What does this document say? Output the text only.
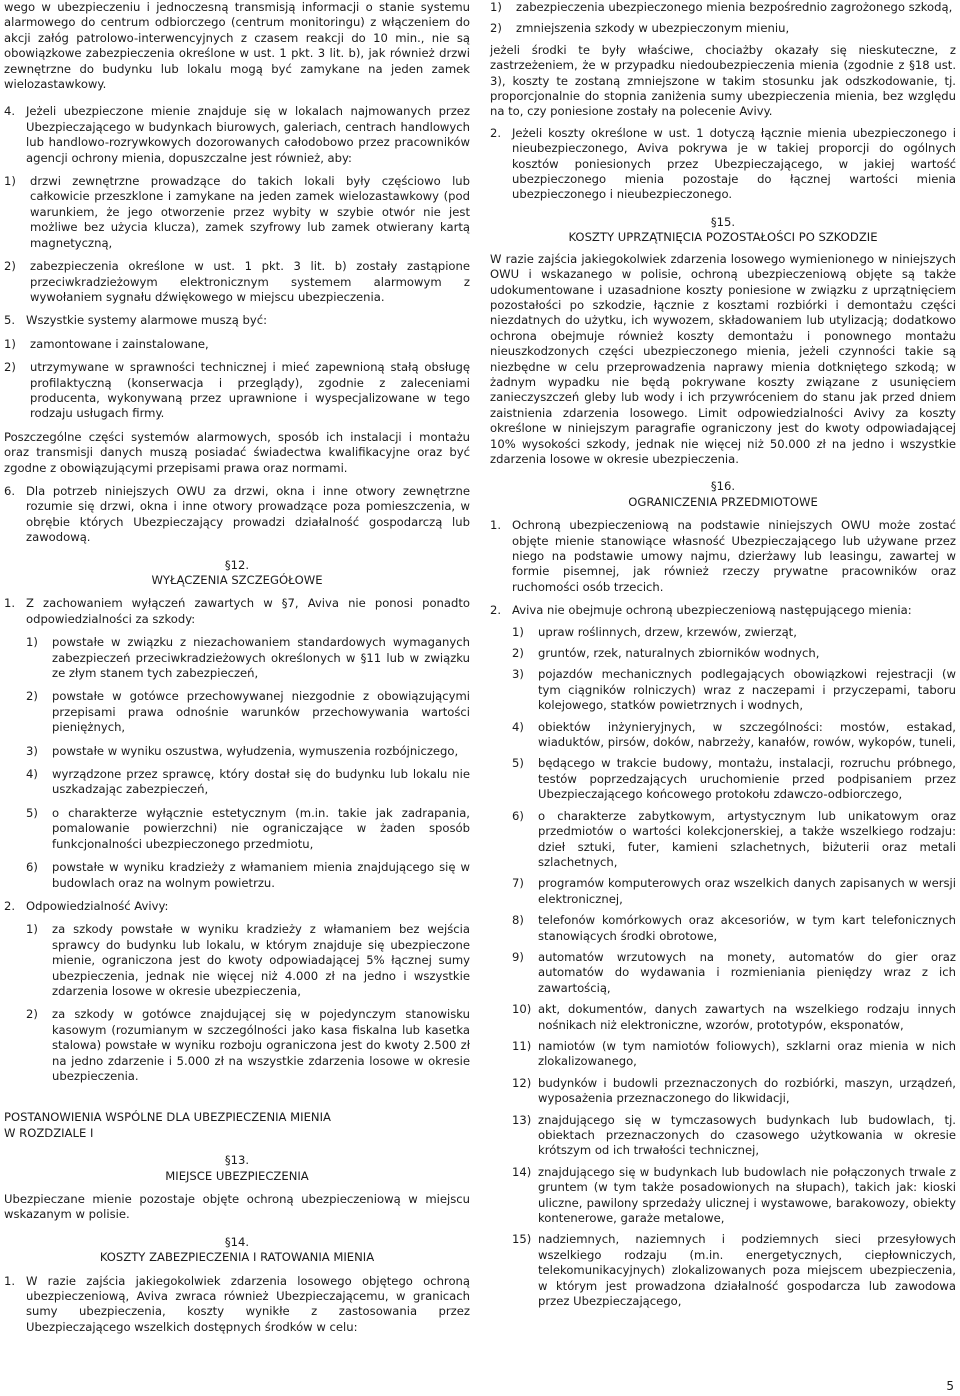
wego w ubezpieczeniu i jednoczesną transmisją informacji o stanie systemu alarmowego do centrum odbiorczego (centrum monitoringu) z włączeniem do akcji załóg patrolowo-interwencyjnych z czasem reakcji do 10 min., nie są obowiązkowe zabezpieczenia określone w ust. 1 pkt. 3 lit. b), jak również drzwi zewnętrzne do budynku lub lokalu mogą być zamykane na jeden zamek wielozastawkowy.

4. Jeżeli ubezpieczone mienie znajduje się w lokalach najmowanych przez Ubezpieczającego w budynkach biurowych, galeriach, centrach handlowych lub handlowo-rozrywkowych dozorowanych całodobowo przez pracowników agencji ochrony mienia, dopuszczalne jest również, aby:
1)	drzwi zewnętrzne prowadzące do takich lokali były częściowo lub całkowicie przeszklone i zamykane na jeden zamek wielozastawkowy (pod warunkiem, że jego otworzenie przez wybity w szybie otwór nie jest możliwe bez użycia klucza), zamek szyfrowy lub zamek otwierany kartą magnetyczną,
2)	zabezpieczenia określone w ust. 1 pkt. 3 lit. b) zostały zastąpione przeciwkradzieżowym elektronicznym systemem alarmowym z wywołaniem sygnału dźwiękowego w miejscu ubezpieczenia.
5. Wszystkie systemy alarmowe muszą być:
1)	zamontowane i zainstalowane,
2)	utrzymywane w sprawności technicznej i mieć zapewnioną stałą obsługę profilaktyczną (konserwacja i przeglądy), zgodnie z zaleceniami producenta, wykonywaną przez uprawnione i wyspecjalizowane w tego rodzaju usługach firmy.

Poszczególne części systemów alarmowych, sposób ich instalacji i montażu oraz transmisji danych muszą posiadać świadectwa kwalifikacyjne oraz być zgodne z obowiązującymi przepisami prawa oraz normami.

6. Dla potrzeb niniejszych OWU za drzwi, okna i inne otwory zewnętrzne rozumie się drzwi, okna i inne otwory prowadzące poza pomieszczenia, w obrębie których Ubezpieczający prowadzi działalność gospodarczą lub zawodową.

§12.

WYŁĄCZENIA SZCZEGÓŁOWE

1. Z zachowaniem wyłączeń zawartych w §7, Aviva nie ponosi ponadto odpowiedzialności za szkody:
1)	powstałe w związku z niezachowaniem standardowych wymaganych zabezpieczeń przeciwkradzieżowych określonych w §11 lub w związku ze złym stanem tych zabezpieczeń,
2)	powstałe w gotówce przechowywanej niezgodnie z obowiązującymi przepisami prawa odnośnie warunków przechowywania wartości pieniężnych,
3)	powstałe w wyniku oszustwa, wyłudzenia, wymuszenia rozbójniczego,
4)	wyrządzone przez sprawcę, który dostał się do budynku lub lokalu nie uszkadzając zabezpieczeń,
5)	o charakterze wyłącznie estetycznym (m.in. takie jak zadrapania, pomalowanie powierzchni) nie ograniczające w żaden sposób funkcjonalności ubezpieczonego przedmiotu,
6)	powstałe w wyniku kradzieży z włamaniem mienia znajdującego się w budowlach oraz na wolnym powietrzu.
2. Odpowiedzialność Avivy:
1)	za szkody powstałe w wyniku kradzieży z włamaniem bez wejścia sprawcy do budynku lub lokalu, w którym znajduje się ubezpieczone mienie, ograniczona jest do kwoty odpowiadającej 5% łącznej sumy ubezpieczenia, jednak nie więcej niż 4.000 zł na jedno i wszystkie zdarzenia losowe w okresie ubezpieczenia,
2)	za szkody w gotówce znajdującej się w pojedynczym stanowisku kasowym (rozumianym w szczególności jako kasa fiskalna lub kasetka stalowa) powstałe w wyniku rozboju ograniczona jest do kwoty 2.500 zł na jedno zdarzenie i 5.000 zł na wszystkie zdarzenia losowe w okresie ubezpieczenia.

POSTANOWIENIA WSPÓLNE DLA UBEZPIECZENIA MIENIA

W ROZDZIALE I

§13.

MIEJSCE UBEZPIECZENIA

Ubezpieczane mienie pozostaje objęte ochroną ubezpieczeniową w miejscu wskazanym w polisie.

§14.

KOSZTY ZABEZPIECZENIA I RATOWANIA MIENIA

1. W razie zajścia jakiegokolwiek zdarzenia losowego objętego ochroną ubezpieczeniową, Aviva zwraca również Ubezpieczającemu, w granicach sumy ubezpieczenia, koszty wynikłe z zastosowania przez Ubezpieczającego wszelkich dostępnych środków w celu:
1)	zabezpieczenia ubezpieczonego mienia bezpośrednio zagrożonego szkodą,
2)	zmniejszenia szkody w ubezpieczonym mieniu,

jeżeli środki te były właściwe, chociażby okazały się nieskuteczne, z zastrzeżeniem, że w przypadku niedoubezpieczenia mienia (zgodnie z §18 ust. 3), koszty te zostaną zmniejszone w takim stosunku jak odszkodowanie, tj. proporcjonalnie do stopnia zaniżenia sumy ubezpieczenia mienia, bez względu na to, czy poniesione zostały na polecenie Avivy.

2. Jeżeli koszty określone w ust. 1 dotyczą łącznie mienia ubezpieczonego i nieubezpieczonego, Aviva pokrywa je w takiej proporcji do ogólnych kosztów poniesionych przez Ubezpieczającego, w jakiej wartość ubezpieczonego mienia pozostaje do łącznej wartości mienia ubezpieczonego i nieubezpieczonego.

§15.

KOSZTY UPRZĄTNIĘCIA POZOSTAŁOŚCI PO SZKODZIE

W razie zajścia jakiegokolwiek zdarzenia losowego wymienionego w niniejszych OWU i wskazanego w polisie, ochroną ubezpieczeniową objęte są także udokumentowane i uzasadnione koszty poniesione w związku z uprzątnięciem pozostałości po szkodzie, łącznie z kosztami rozbiórki i demontażu części niezdatnych do użytku, ich wywozem, składowaniem lub utylizacją; dodatkowo ochrona obejmuje również koszty demontażu i ponownego montażu nieuszkodzonych części ubezpieczonego mienia, jeżeli czynności takie są niezbędne w celu przeprowadzenia naprawy mienia dotkniętego szkodą; w żadnym wypadku nie będą pokrywane koszty związane z usunięciem zanieczyszczeń gleby lub wody i ich przywróceniem do stanu jak przed dniem zaistnienia zdarzenia losowego. Limit odpowiedzialności Avivy za koszty określone w niniejszym paragrafie ograniczony jest do kwoty odpowiadającej 10% wysokości szkody, jednak nie więcej niż 50.000 zł na jedno i wszystkie zdarzenia losowe w okresie ubezpieczenia.

§16.

OGRANICZENIA PRZEDMIOTOWE

1. Ochroną ubezpieczeniową na podstawie niniejszych OWU może zostać objęte mienie stanowiące własność Ubezpieczającego lub używane przez niego na podstawie umowy najmu, dzierżawy lub leasingu, zawartej w formie pisemnej, jak również rzeczy prywatne pracowników oraz ruchomości osób trzecich.
2. Aviva nie obejmuje ochroną ubezpieczeniową następującego mienia:
1)	upraw roślinnych, drzew, krzewów, zwierząt,
2)	gruntów, rzek, naturalnych zbiorników wodnych,
3)	pojazdów mechanicznych podlegających obowiązkowi rejestracji (w tym ciągników rolniczych) wraz z naczepami i przyczepami, taboru kolejowego, statków powietrznych i wodnych,
4)	obiektów inżynieryjnych, w szczególności: mostów, estakad, wiaduktów, pirsów, doków, nabrzeży, kanałów, rowów, wykopów, tuneli,
5)	będącego w trakcie budowy, montażu, instalacji, rozruchu próbnego, testów poprzedzających uruchomienie przed podpisaniem przez Ubezpieczającego końcowego protokołu zdawczo-odbiorczego,
6)	o charakterze zabytkowym, artystycznym lub unikatowym oraz przedmiotów o wartości kolekcjonerskiej, a także wszelkiego rodzaju: dzieł sztuki, futer, kamieni szlachetnych, biżuterii oraz metali szlachetnych,
7)	programów komputerowych oraz wszelkich danych zapisanych w wersji elektronicznej,
8)	telefonów komórkowych oraz akcesoriów, w tym kart telefonicznych stanowiących środki obrotowe,
9)	automatów wrzutowych na monety, automatów do gier oraz automatów do wydawania i rozmieniania pieniędzy wraz z ich zawartością,
10) akt, dokumentów, danych zawartych na wszelkiego rodzaju innych nośnikach niż elektroniczne, wzorów, prototypów, eksponatów,
11) namiotów (w tym namiotów foliowych), szklarni oraz mienia w nich zlokalizowanego,
12) budynków i budowli przeznaczonych do rozbiórki, maszyn, urządzeń, wyposażenia przeznaczonego do likwidacji,
13) znajdującego się w tymczasowych budynkach lub budowlach, tj. obiektach przeznaczonych do czasowego użytkowania w okresie krótszym od ich trwałości technicznej,
14) znajdującego się w budynkach lub budowlach nie połączonych trwale z gruntem (w tym także posadowionych na słupach), takich jak: kioski uliczne, pawilony sprzedaży ulicznej i wystawowe, barakowozy, obiekty kontenerowe, garaże metalowe,
15) nadziemnych, naziemnych i podziemnych sieci przesyłowych wszelkiego rodzaju (m.in. energetycznych, ciepłowniczych, telekomunikacyjnych) zlokalizowanych poza miejscem ubezpieczenia, w którym jest prowadzona działalność gospodarcza lub zawodowa przez Ubezpieczającego,
5
